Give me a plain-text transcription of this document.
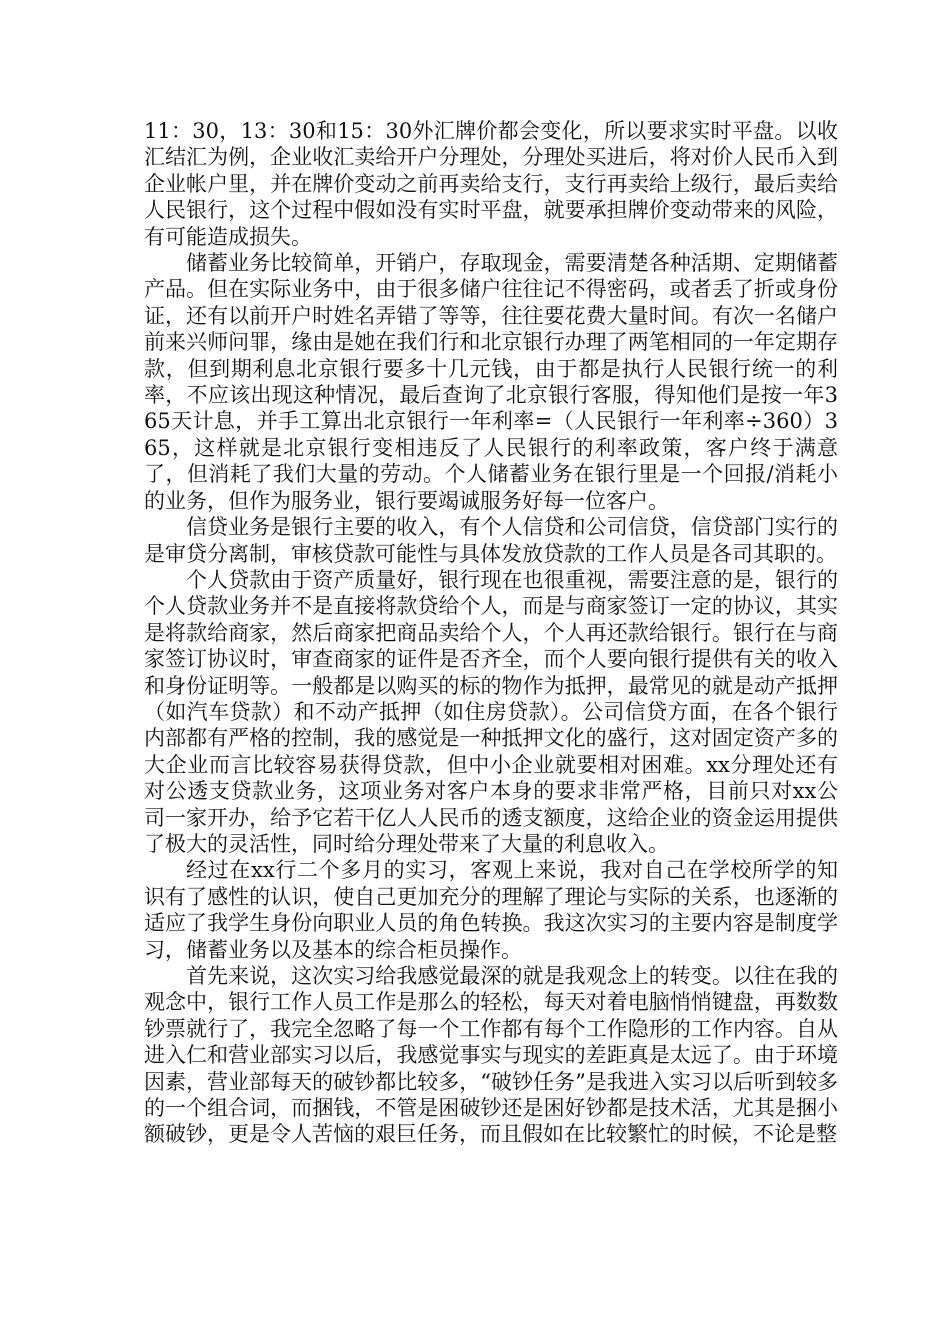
11：30，13：30和15：30外汇牌价都会变化，所以要求实时平盘。以收汇结汇为例，企业收汇卖给开户分理处，分理处买进后，将对价人民币入到企业帐户里，并在牌价变动之前再卖给支行，支行再卖给上级行，最后卖给人民银行，这个过程中假如没有实时平盘，就要承担牌价变动带来的风险，有可能造成损失。

储蓄业务比较简单，开销户，存取现金，需要清楚各种活期、定期储蓄产品。但在实际业务中，由于很多储户往往记不得密码，或者丢了折或身份证，还有以前开户时姓名弄错了等等，往往要花费大量时间。有次一名储户前来兴师问罪，缘由是她在我们行和北京银行办理了两笔相同的一年定期存款，但到期利息北京银行要多十几元钱，由于都是执行人民银行统一的利率，不应该出现这种情况，最后查询了北京银行客服，得知他们是按一年365天计息，并手工算出北京银行一年利率=（人民银行一年利率÷360）365，这样就是北京银行变相违反了人民银行的利率政策，客户终于满意了，但消耗了我们大量的劳动。个人储蓄业务在银行里是一个回报/消耗小的业务，但作为服务业，银行要竭诚服务好每一位客户。

信贷业务是银行主要的收入，有个人信贷和公司信贷，信贷部门实行的是审贷分离制，审核贷款可能性与具体发放贷款的工作人员是各司其职的。

个人贷款由于资产质量好，银行现在也很重视，需要注意的是，银行的个人贷款业务并不是直接将款贷给个人，而是与商家签订一定的协议，其实是将款给商家，然后商家把商品卖给个人，个人再还款给银行。银行在与商家签订协议时，审查商家的证件是否齐全，而个人要向银行提供有关的收入和身份证明等。一般都是以购买的标的物作为抵押，最常见的就是动产抵押（如汽车贷款）和不动产抵押（如住房贷款）。公司信贷方面，在各个银行内部都有严格的控制，我的感觉是一种抵押文化的盛行，这对固定资产多的大企业而言比较容易获得贷款，但中小企业就要相对困难。xx分理处还有对公透支贷款业务，这项业务对客户本身的要求非常严格，目前只对xx公司一家开办，给予它若干亿人人民币的透支额度，这给企业的资金运用提供了极大的灵活性，同时给分理处带来了大量的利息收入。

经过在xx行二个多月的实习，客观上来说，我对自己在学校所学的知识有了感性的认识，使自己更加充分的理解了理论与实际的关系，也逐渐的适应了我学生身份向职业人员的角色转换。我这次实习的主要内容是制度学习，储蓄业务以及基本的综合柜员操作。

首先来说，这次实习给我感觉最深的就是我观念上的转变。以往在我的观念中，银行工作人员工作是那么的轻松，每天对着电脑悄悄键盘，再数数钞票就行了，我完全忽略了每一个工作都有每个工作隐形的工作内容。自从进入仁和营业部实习以后，我感觉事实与现实的差距真是太远了。由于环境因素，营业部每天的破钞都比较多，“破钞任务”是我进入实习以后听到较多的一个组合词，而捆钱，不管是困破钞还是困好钞都是技术活，尤其是捆小额破钞，更是令人苦恼的艰巨任务，而且假如在比较繁忙的时候，不论是整
